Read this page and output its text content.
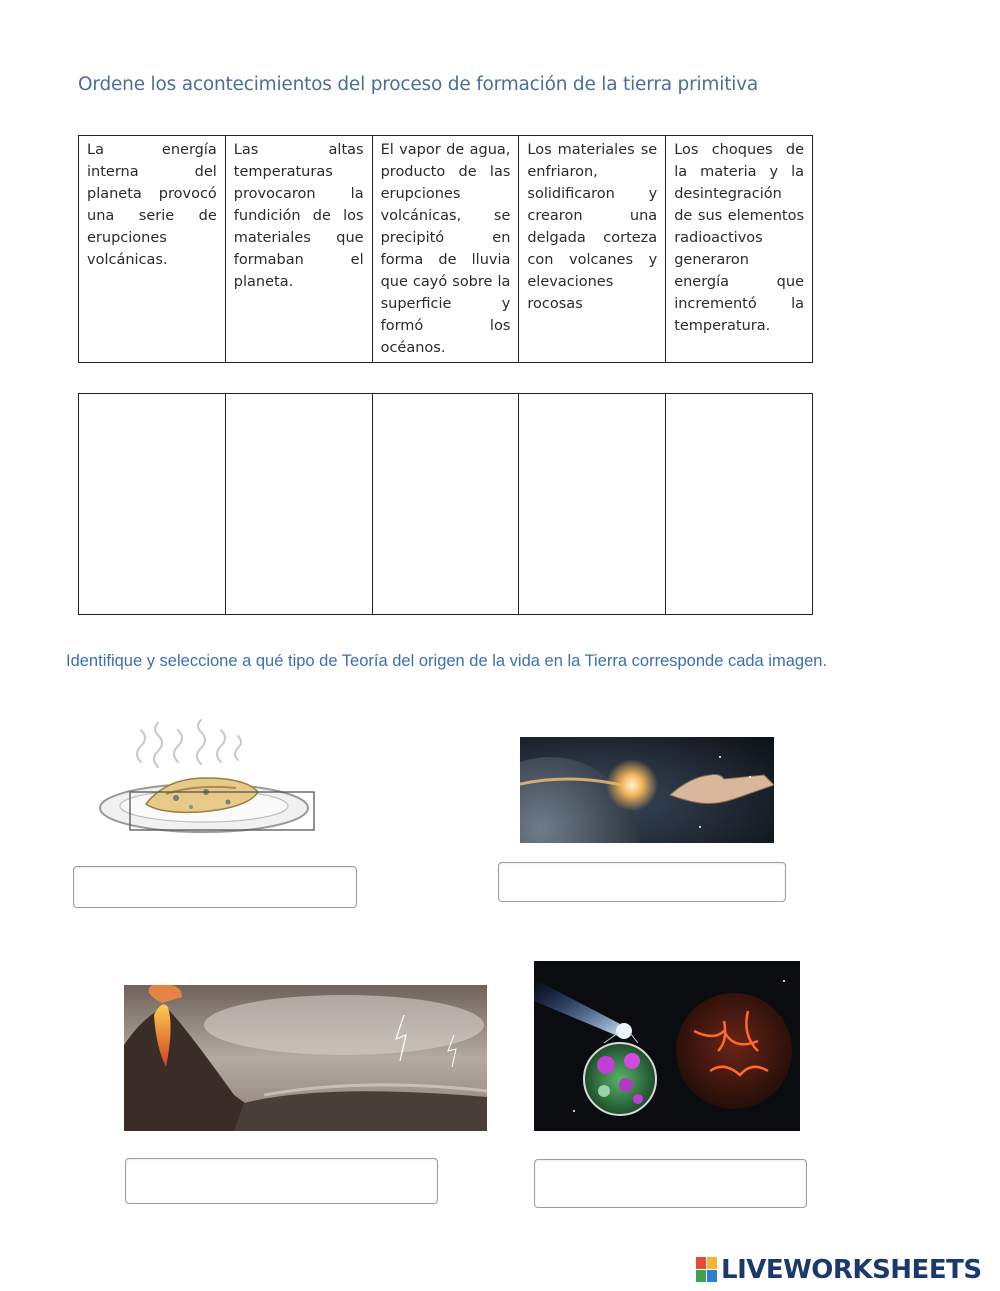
Ordene los acontecimientos del proceso de formación de la tierra primitiva
La energía interna del planeta provocó una serie de erupciones volcánicas.	Las altas temperaturas provocaron la fundición de los materiales que formaban el planeta.	El vapor de agua, producto de las erupciones volcánicas, se precipitó en forma de lluvia que cayó sobre la superficie y formó los océanos.	Los materiales se enfriaron, solidificaron y crearon una delgada corteza con volcanes y elevaciones rocosas	Los choques de la materia y la desintegración de sus elementos radioactivos generaron energía que incrementó la temperatura.

Identifique y seleccione a qué tipo de Teoría del origen de la vida en la Tierra corresponde cada imagen.
LIVEWORKSHEETS
